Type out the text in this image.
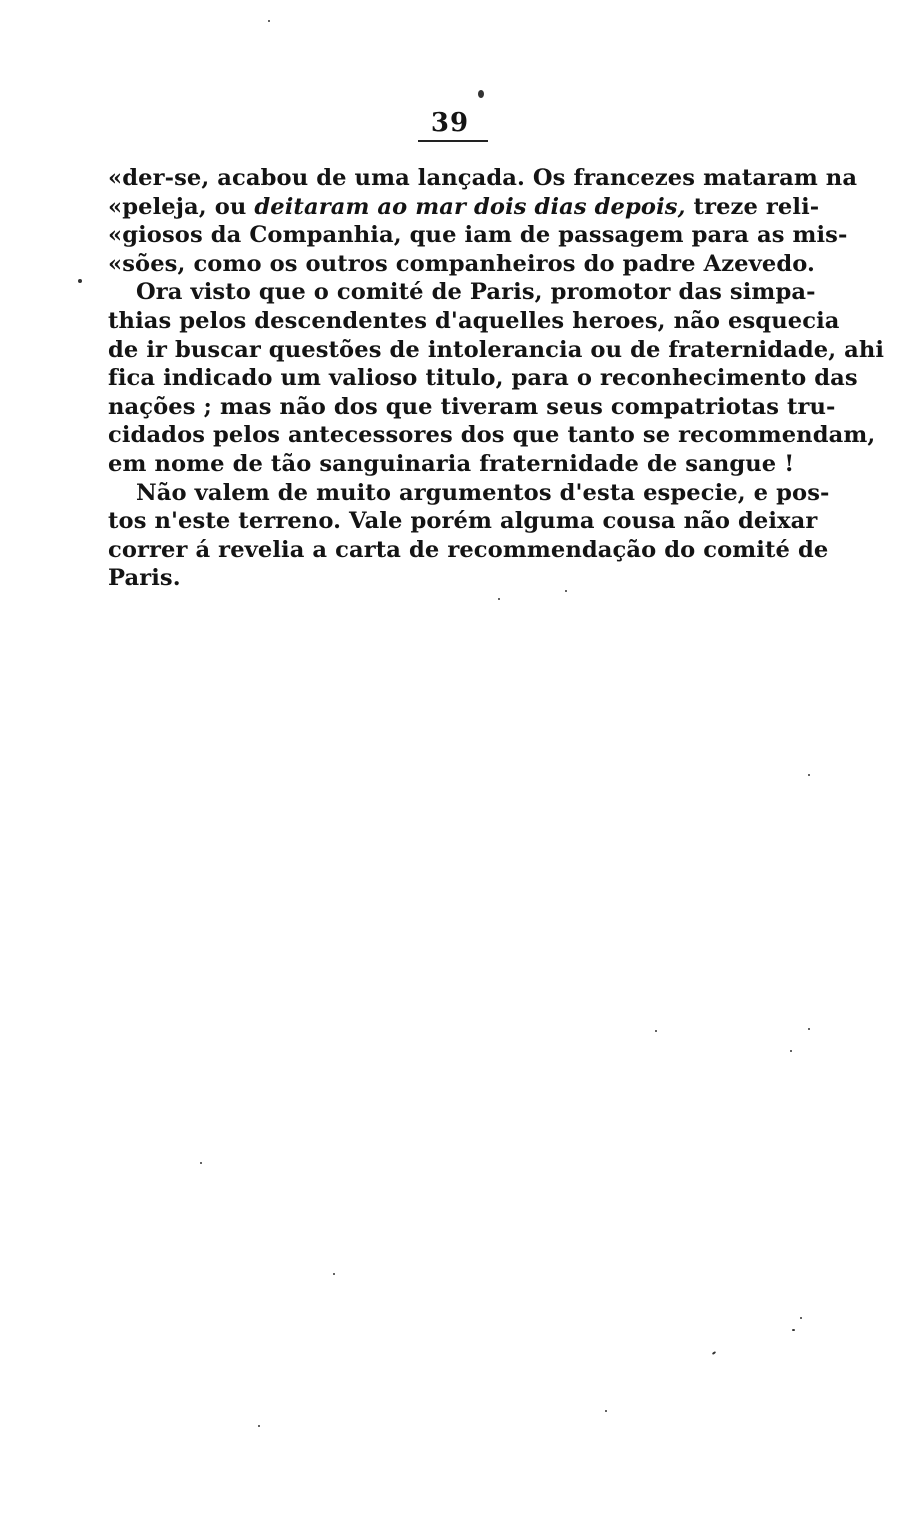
39
«der-se, acabou de uma lançada. Os francezes mataram na
«peleja, ou deitaram ao mar dois dias depois, treze reli-
«giosos da Companhia, que iam de passagem para as mis-
«sões, como os outros companheiros do padre Azevedo.
Ora visto que o comité de Paris, promotor das simpa-
thias pelos descendentes d'aquelles heroes, não esquecia
de ir buscar questões de intolerancia ou de fraternidade, ahi
fica indicado um valioso titulo, para o reconhecimento das
nações ; mas não dos que tiveram seus compatriotas tru-
cidados pelos antecessores dos que tanto se recommendam,
em nome de tão sanguinaria fraternidade de sangue !
Não valem de muito argumentos d'esta especie, e pos-
tos n'este terreno. Vale porém alguma cousa não deixar
correr á revelia a carta de recommendação do comité de
Paris.
